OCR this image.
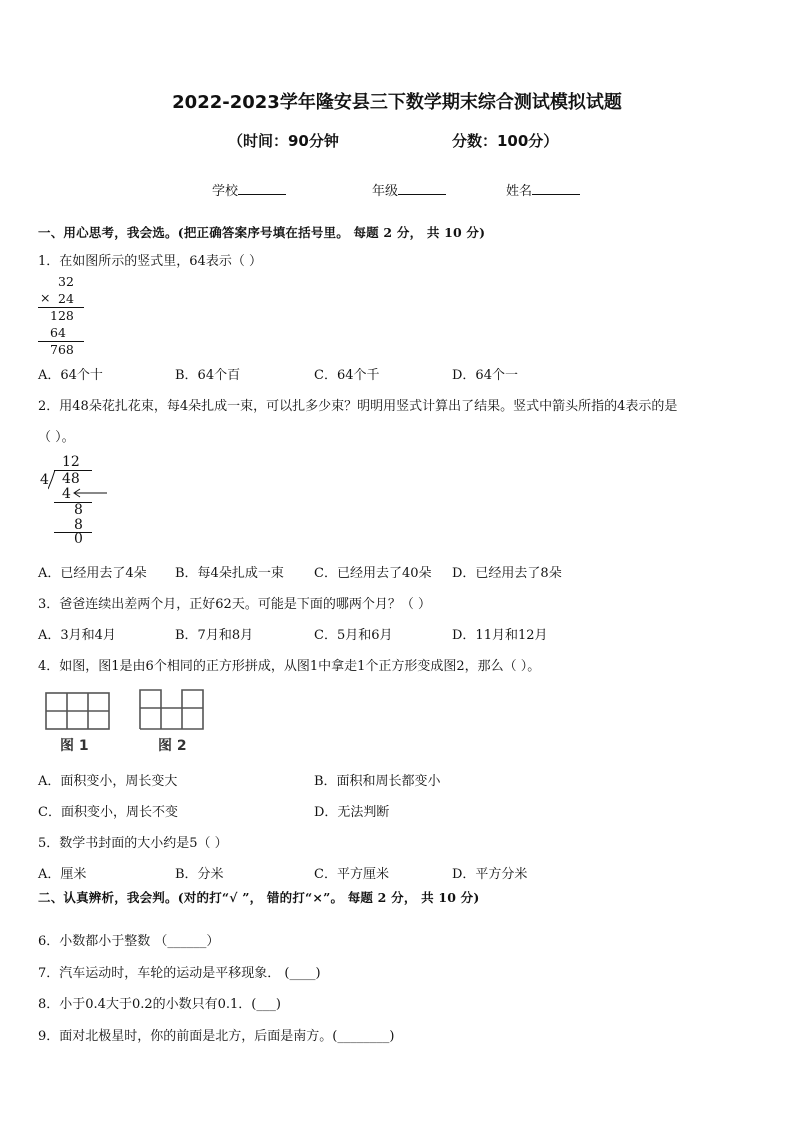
2022-2023学年隆安县三下数学期末综合测试模拟试题
（时间：90分钟	分数：100分）
学校	年级	姓名
一、用心思考，我会选。(把正确答案序号填在括号里。 每题 2 分， 共 10 分)
1．在如图所示的竖式里，64表示（ ）
32
× 24
128
64
768
A．64个十	B．64个百	C．64个千	D．64个一
2．用48朵花扎花束，每4朵扎成一束，可以扎多少束？明明用竖式计算出了结果。竖式中箭头所指的4表示的是
（ ）。
12
4 48
4
8
8
0
A．已经用去了4朵 B．每4朵扎成一束 C．已经用去了40朵 D．已经用去了8朵
3．爸爸连续出差两个月，正好62天。可能是下面的哪两个月？（ ）
A．3月和4月	B．7月和8月	C．5月和6月	D．11月和12月
4．如图，图1是由6个相同的正方形拼成，从图1中拿走1个正方形变成图2，那么（ ）。
图 1	图 2
A．面积变小，周长变大	B．面积和周长都变小
C．面积变小，周长不变	D．无法判断
5．数学书封面的大小约是5（ ）
A．厘米	B．分米	C．平方厘米	D．平方分米
二、认真辨析，我会判。(对的打“√ ”， 错的打“×”。 每题 2 分， 共 10 分)
6．小数都小于整数 （______）
7．汽车运动时，车轮的运动是平移现象． (____)
8．小于0.4大于0.2的小数只有0.1．(___)
9．面对北极星时，你的前面是北方，后面是南方。(________)
